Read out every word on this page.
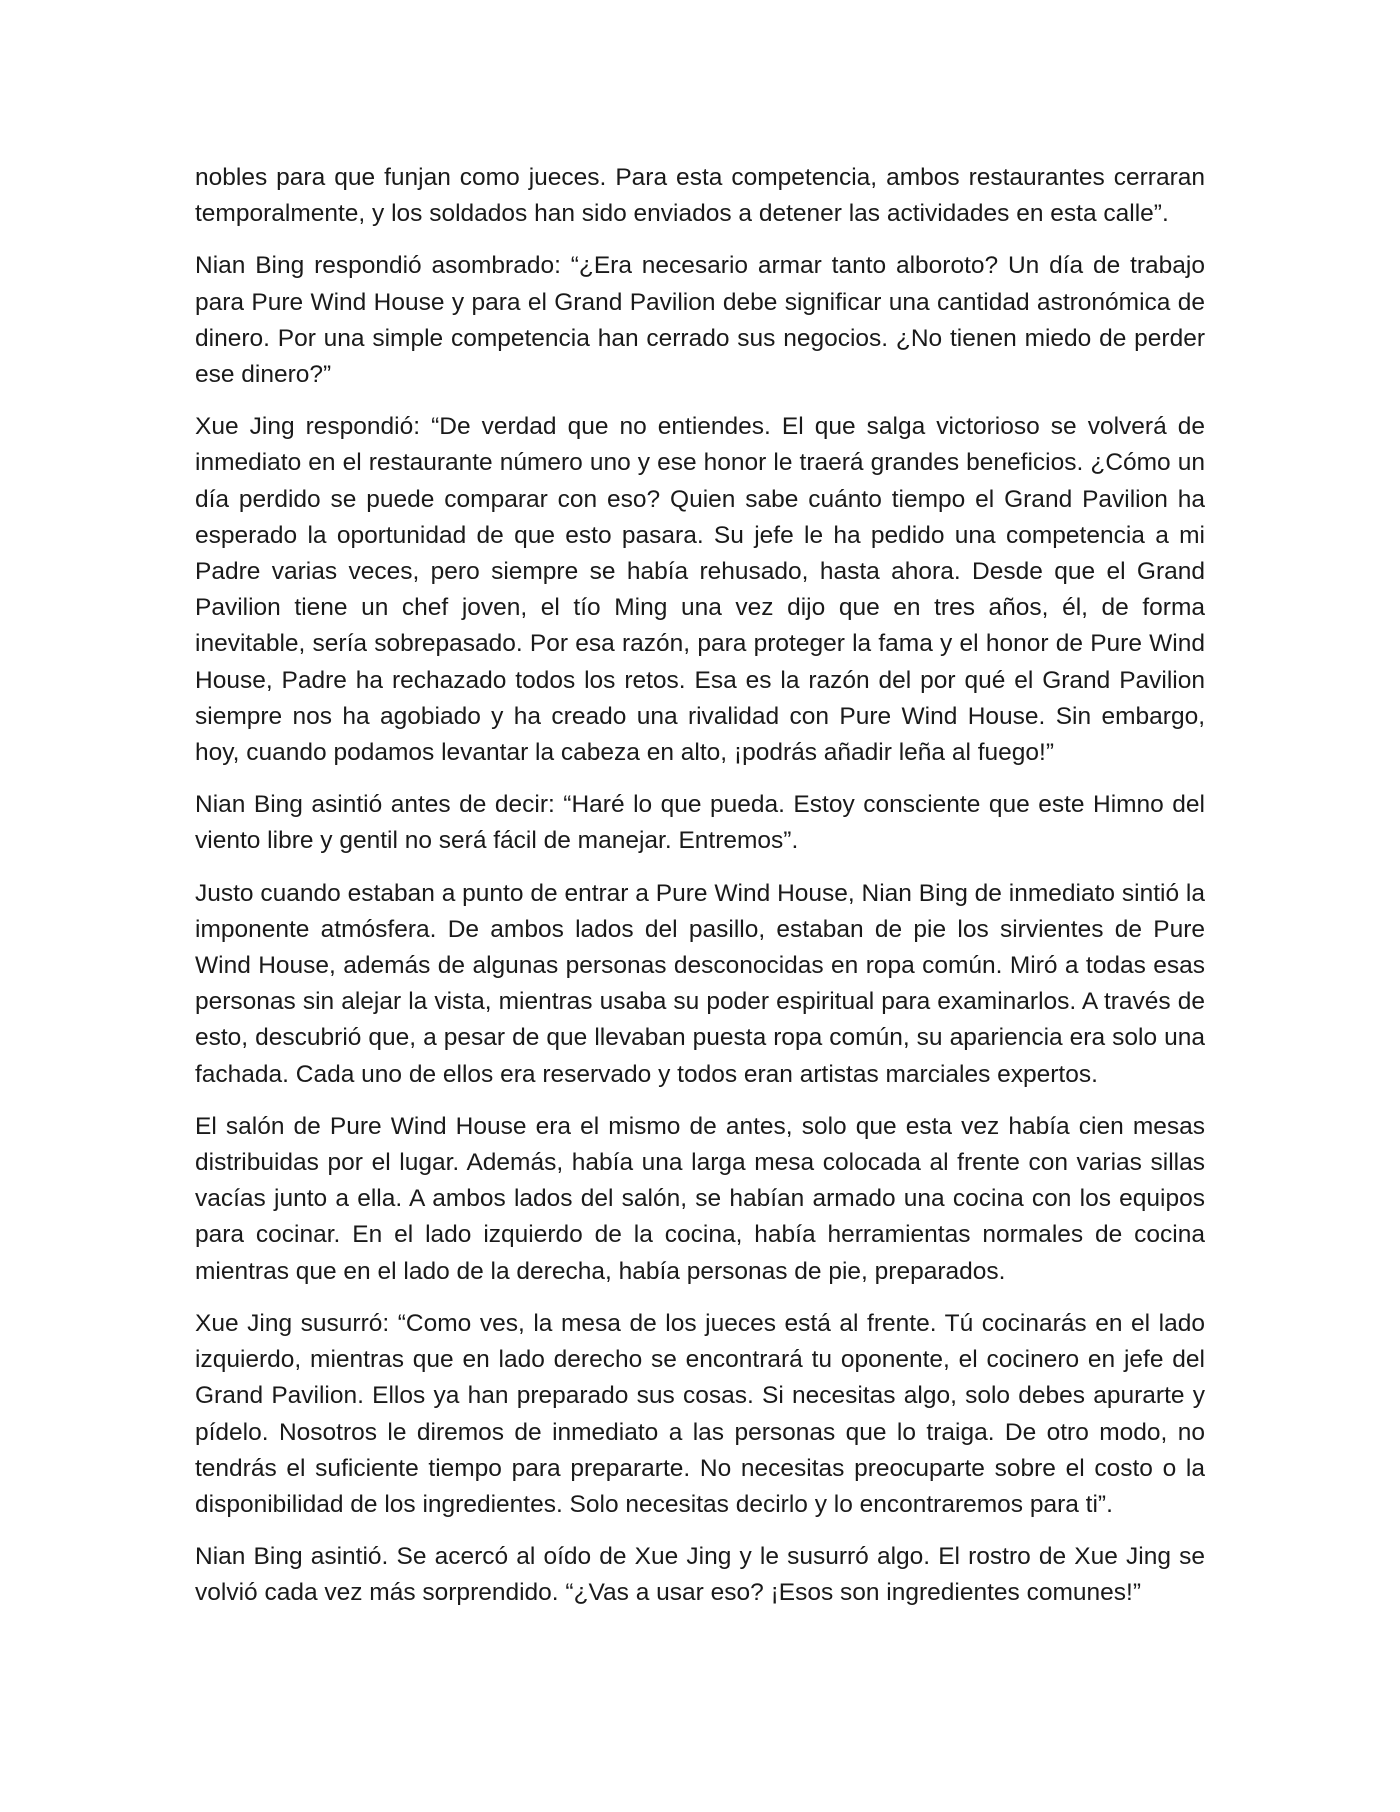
nobles para que funjan como jueces. Para esta competencia, ambos restaurantes cerraran temporalmente, y los soldados han sido enviados a detener las actividades en esta calle”.

Nian Bing respondió asombrado: “¿Era necesario armar tanto alboroto? Un día de trabajo para Pure Wind House y para el Grand Pavilion debe significar una cantidad astronómica de dinero. Por una simple competencia han cerrado sus negocios. ¿No tienen miedo de perder ese dinero?”

Xue Jing respondió: “De verdad que no entiendes. El que salga victorioso se volverá de inmediato en el restaurante número uno y ese honor le traerá grandes beneficios. ¿Cómo un día perdido se puede comparar con eso? Quien sabe cuánto tiempo el Grand Pavilion ha esperado la oportunidad de que esto pasara. Su jefe le ha pedido una competencia a mi Padre varias veces, pero siempre se había rehusado, hasta ahora. Desde que el Grand Pavilion tiene un chef joven, el tío Ming una vez dijo que en tres años, él, de forma inevitable, sería sobrepasado. Por esa razón, para proteger la fama y el honor de Pure Wind House, Padre ha rechazado todos los retos. Esa es la razón del por qué el Grand Pavilion siempre nos ha agobiado y ha creado una rivalidad con Pure Wind House. Sin embargo, hoy, cuando podamos levantar la cabeza en alto, ¡podrás añadir leña al fuego!”

Nian Bing asintió antes de decir: “Haré lo que pueda. Estoy consciente que este Himno del viento libre y gentil no será fácil de manejar. Entremos”.

Justo cuando estaban a punto de entrar a Pure Wind House, Nian Bing de inmediato sintió la imponente atmósfera. De ambos lados del pasillo, estaban de pie los sirvientes de Pure Wind House, además de algunas personas desconocidas en ropa común. Miró a todas esas personas sin alejar la vista, mientras usaba su poder espiritual para examinarlos. A través de esto, descubrió que, a pesar de que llevaban puesta ropa común, su apariencia era solo una fachada. Cada uno de ellos era reservado y todos eran artistas marciales expertos.

El salón de Pure Wind House era el mismo de antes, solo que esta vez había cien mesas distribuidas por el lugar. Además, había una larga mesa colocada al frente con varias sillas vacías junto a ella. A ambos lados del salón, se habían armado una cocina con los equipos para cocinar. En el lado izquierdo de la cocina, había herramientas normales de cocina mientras que en el lado de la derecha, había personas de pie, preparados.

Xue Jing susurró: “Como ves, la mesa de los jueces está al frente. Tú cocinarás en el lado izquierdo, mientras que en lado derecho se encontrará tu oponente, el cocinero en jefe del Grand Pavilion. Ellos ya han preparado sus cosas. Si necesitas algo, solo debes apurarte y pídelo. Nosotros le diremos de inmediato a las personas que lo traiga. De otro modo, no tendrás el suficiente tiempo para prepararte. No necesitas preocuparte sobre el costo o la disponibilidad de los ingredientes. Solo necesitas decirlo y lo encontraremos para ti”.

Nian Bing asintió. Se acercó al oído de Xue Jing y le susurró algo. El rostro de Xue Jing se volvió cada vez más sorprendido. “¿Vas a usar eso? ¡Esos son ingredientes comunes!”
